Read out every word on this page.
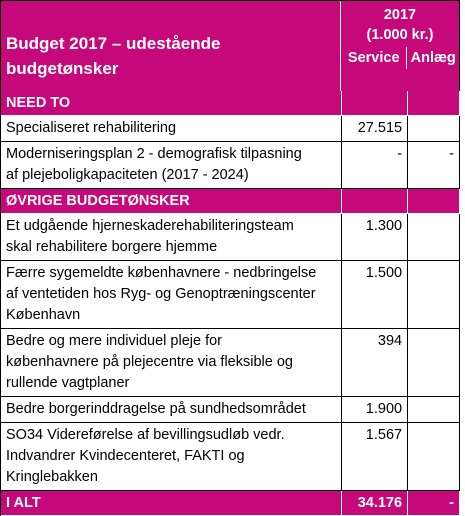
Budget 2017 – udestående
budgetønsker
2017
(1.000 kr.)
Service Anlæg
NEED TO
Specialiseret rehabilitering	27.515
Moderniseringsplan 2 - demografisk tilpasning
af plejeboligkapaciteten (2017 - 2024)
-	-
ØVRIGE BUDGETØNSKER
Et udgående hjerneskaderehabiliteringsteam
skal rehabilitere borgere hjemme
1.300
Færre sygemeldte københavnere - nedbringelse
af ventetiden hos Ryg- og Genoptræningscenter
København
1.500
Bedre og mere individuel pleje for
københavnere på plejecentre via fleksible og
rullende vagtplaner
394
Bedre borgerinddragelse på sundhedsområdet	1.900
SO34 Videreførelse af bevillingsudløb vedr.
Indvandrer Kvindecenteret, FAKTI og
Kringlebakken
1.567
I ALT	34.176	-
